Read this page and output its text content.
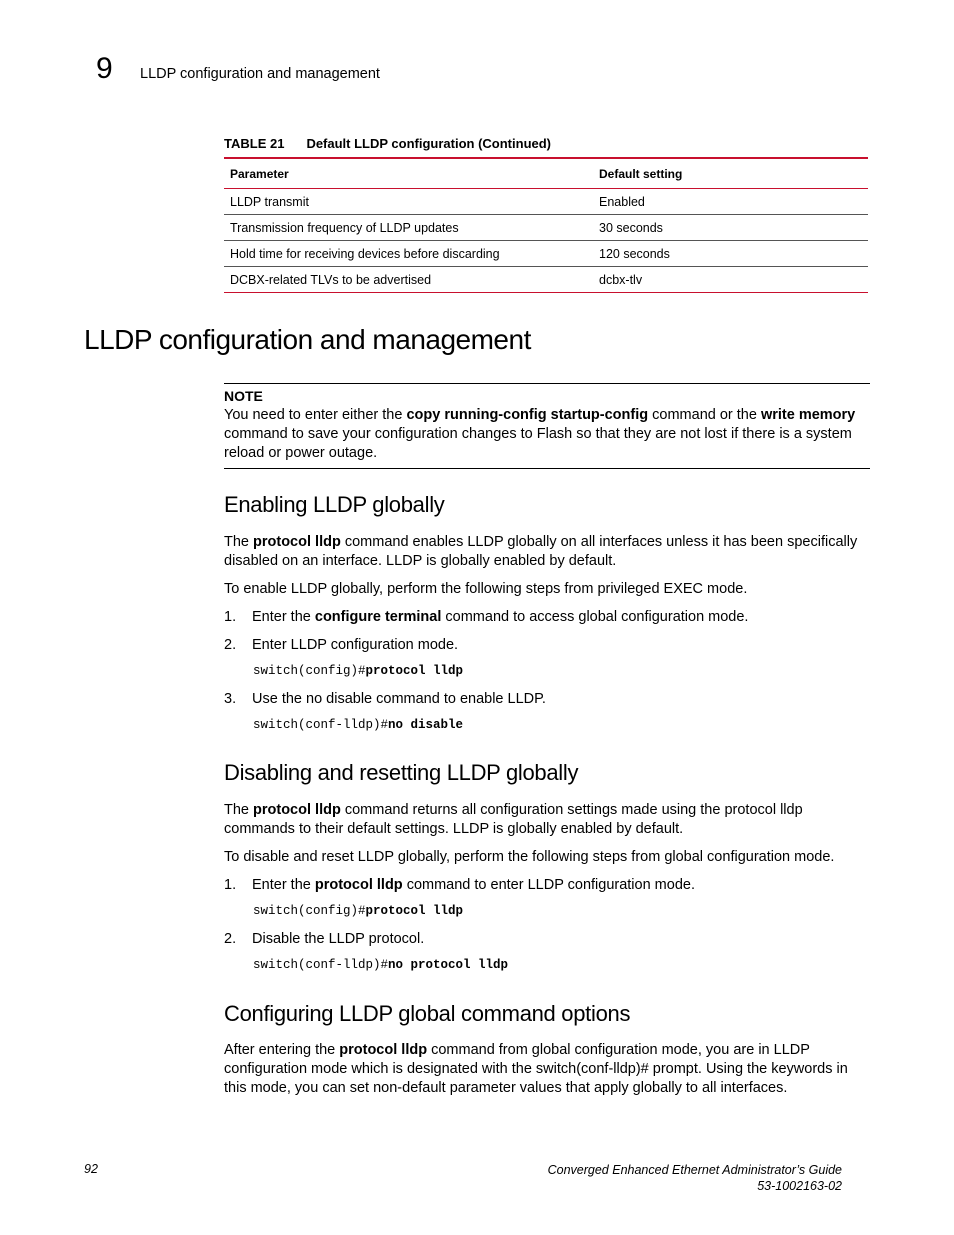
9 LLDP configuration and management
TABLE 21 Default LLDP configuration (Continued)
Parameter	Default setting
LLDP transmit	Enabled
Transmission frequency of LLDP updates	30 seconds
Hold time for receiving devices before discarding	120 seconds
DCBX-related TLVs to be advertised	dcbx-tlv
LLDP configuration and management
NOTE
You need to enter either the copy running-config startup-config command or the write memory command to save your configuration changes to Flash so that they are not lost if there is a system reload or power outage.
Enabling LLDP globally

The protocol lldp command enables LLDP globally on all interfaces unless it has been specifically disabled on an interface. LLDP is globally enabled by default.

To enable LLDP globally, perform the following steps from privileged EXEC mode.

1. Enter the configure terminal command to access global configuration mode.
2. Enter LLDP configuration mode.
switch(config)#protocol lldp
3. Use the no disable command to enable LLDP.
switch(conf-lldp)#no disable
Disabling and resetting LLDP globally

The protocol lldp command returns all configuration settings made using the protocol lldp commands to their default settings. LLDP is globally enabled by default.

To disable and reset LLDP globally, perform the following steps from global configuration mode.

1. Enter the protocol lldp command to enter LLDP configuration mode.
switch(config)#protocol lldp
2. Disable the LLDP protocol.
switch(conf-lldp)#no protocol lldp
Configuring LLDP global command options

After entering the protocol lldp command from global configuration mode, you are in LLDP configuration mode which is designated with the switch(conf-lldp)# prompt. Using the keywords in this mode, you can set non-default parameter values that apply globally to all interfaces.

92	Converged Enhanced Ethernet Administrator’s Guide
53-1002163-02
